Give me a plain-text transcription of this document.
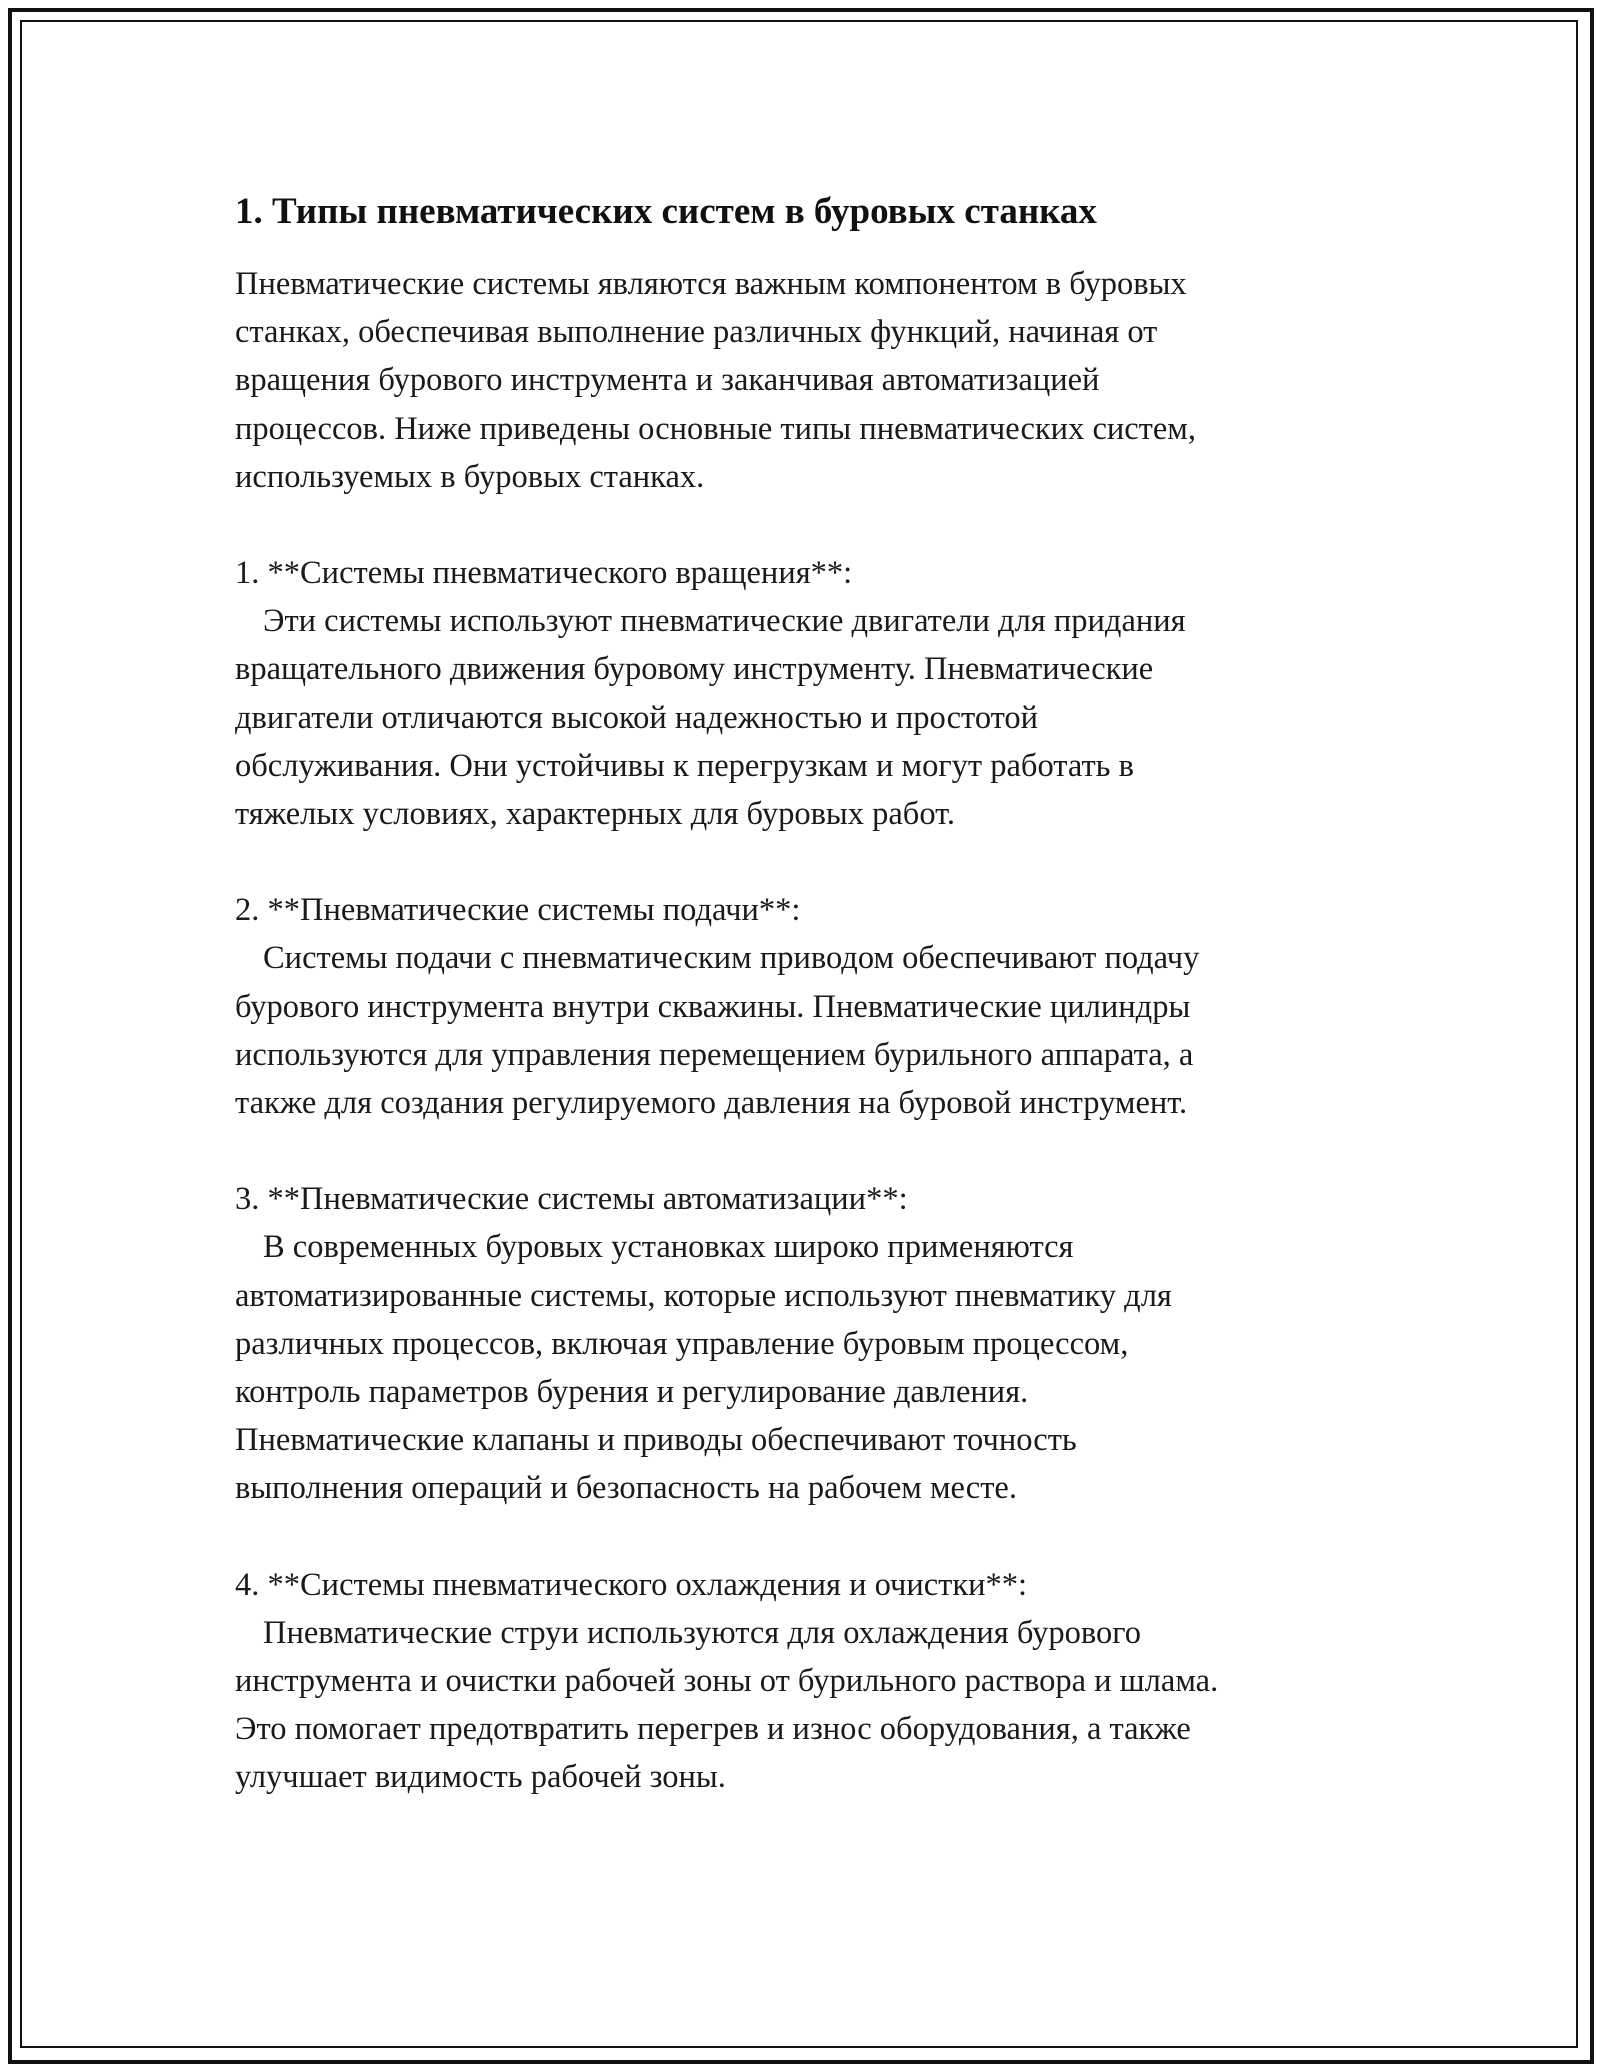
1. Типы пневматических систем в буровых станках

Пневматические системы являются важным компонентом в буровых
станках, обеспечивая выполнение различных функций, начиная от
вращения бурового инструмента и заканчивая автоматизацией
процессов. Ниже приведены основные типы пневматических систем,
используемых в буровых станках.

1. **Системы пневматического вращения**:

Эти системы используют пневматические двигатели для придания
вращательного движения буровому инструменту. Пневматические
двигатели отличаются высокой надежностью и простотой
обслуживания. Они устойчивы к перегрузкам и могут работать в
тяжелых условиях, характерных для буровых работ.

2. **Пневматические системы подачи**:

Системы подачи с пневматическим приводом обеспечивают подачу
бурового инструмента внутри скважины. Пневматические цилиндры
используются для управления перемещением бурильного аппарата, а
также для создания регулируемого давления на буровой инструмент.

3. **Пневматические системы автоматизации**:

В современных буровых установках широко применяются
автоматизированные системы, которые используют пневматику для
различных процессов, включая управление буровым процессом,
контроль параметров бурения и регулирование давления.
Пневматические клапаны и приводы обеспечивают точность
выполнения операций и безопасность на рабочем месте.

4. **Системы пневматического охлаждения и очистки**:

Пневматические струи используются для охлаждения бурового
инструмента и очистки рабочей зоны от бурильного раствора и шлама.
Это помогает предотвратить перегрев и износ оборудования, а также
улучшает видимость рабочей зоны.
